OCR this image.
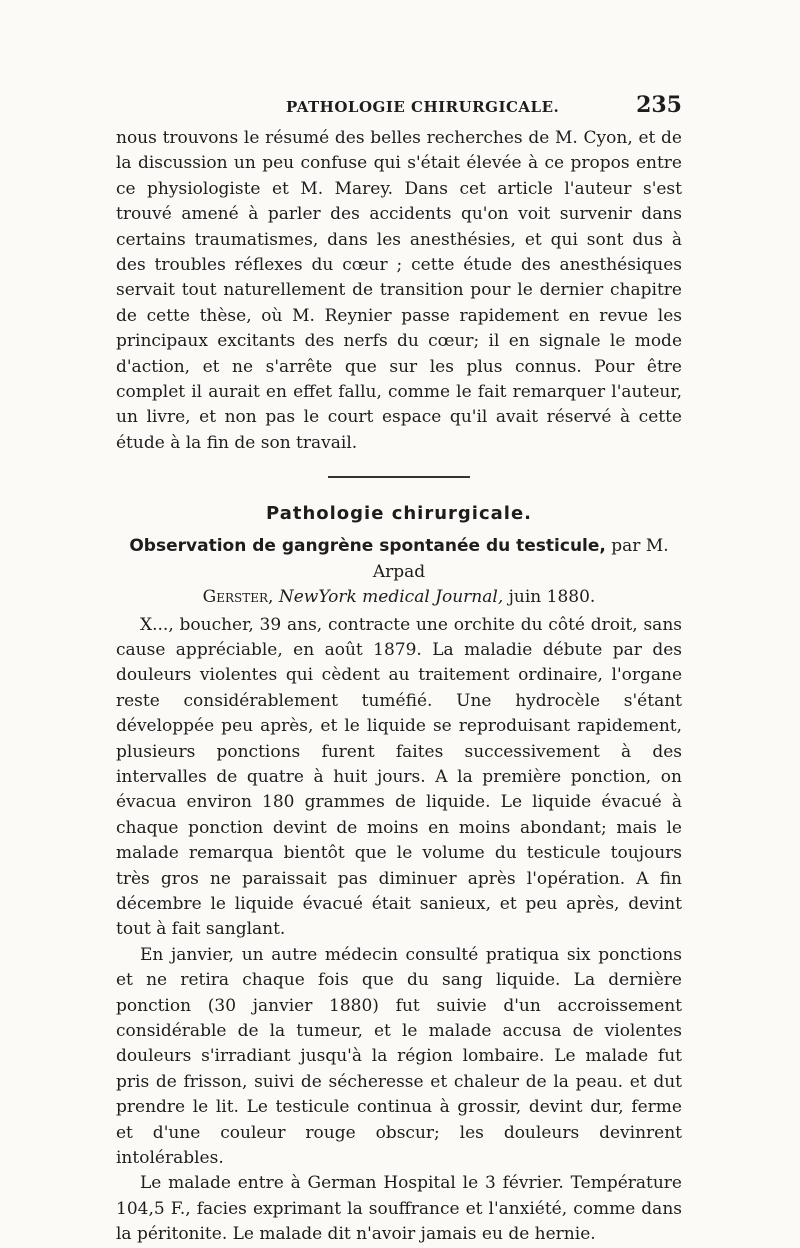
PATHOLOGIE CHIRURGICALE.	235

nous trouvons le résumé des belles recherches de M. Cyon, et de la discussion un peu confuse qui s'était élevée à ce propos entre ce physiologiste et M. Marey. Dans cet article l'auteur s'est trouvé amené à parler des accidents qu'on voit survenir dans certains traumatismes, dans les anesthésies, et qui sont dus à des troubles réflexes du cœur ; cette étude des anesthésiques servait tout naturellement de transition pour le dernier chapitre de cette thèse, où M. Reynier passe rapidement en revue les principaux excitants des nerfs du cœur; il en signale le mode d'action, et ne s'arrête que sur les plus connus. Pour être complet il aurait en effet fallu, comme le fait remarquer l'auteur, un livre, et non pas le court espace qu'il avait réservé à cette étude à la fin de son travail.

Pathologie chirurgicale.
Observation de gangrène spontanée du testicule, par M. Arpad
Gerster, NewYork medical Journal, juin 1880.

X..., boucher, 39 ans, contracte une orchite du côté droit, sans cause appréciable, en août 1879. La maladie débute par des douleurs violentes qui cèdent au traitement ordinaire, l'organe reste considérablement tuméfié. Une hydrocèle s'étant développée peu après, et le liquide se reproduisant rapidement, plusieurs ponctions furent faites successivement à des intervalles de quatre à huit jours. A la première ponction, on évacua environ 180 grammes de liquide. Le liquide évacué à chaque ponction devint de moins en moins abondant; mais le malade remarqua bientôt que le volume du testicule toujours très gros ne paraissait pas diminuer après l'opération. A fin décembre le liquide évacué était sanieux, et peu après, devint tout à fait sanglant.

En janvier, un autre médecin consulté pratiqua six ponctions et ne retira chaque fois que du sang liquide. La dernière ponction (30 janvier 1880) fut suivie d'un accroissement considérable de la tumeur, et le malade accusa de violentes douleurs s'irradiant jusqu'à la région lombaire. Le malade fut pris de frisson, suivi de sécheresse et chaleur de la peau. et dut prendre le lit. Le testicule continua à grossir, devint dur, ferme et d'une couleur rouge obscur; les douleurs devinrent intolérables.

Le malade entre à German Hospital le 3 février. Température 104,5 F., facies exprimant la souffrance et l'anxiété, comme dans la péritonite. Le malade dit n'avoir jamais eu de hernie.
